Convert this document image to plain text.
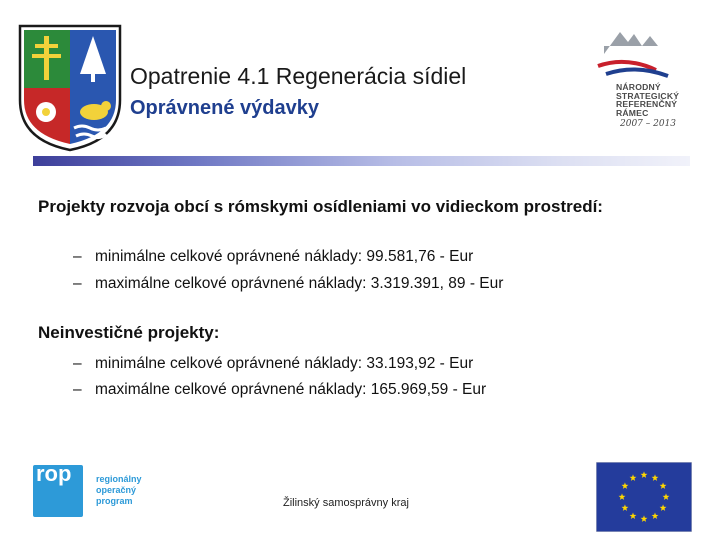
Opatrenie 4.1 Regenerácia sídiel
Oprávnené výdavky
NÁRODNÝ
STRATEGICKÝ
REFERENČNÝ
RÁMEC
2007 – 2013
Projekty rozvoja obcí s rómskymi osídleniami vo vidieckom prostredí:
– minimálne celkové oprávnené náklady: 99.581,76 - Eur
– maximálne celkové oprávnené náklady: 3.319.391, 89 - Eur
Neinvestičné projekty:
– minimálne celkové oprávnené náklady: 33.193,92 - Eur
– maximálne celkové oprávnené náklady: 165.969,59 - Eur
rop	regionálny
operačný
program	Žilinský samosprávny kraj
